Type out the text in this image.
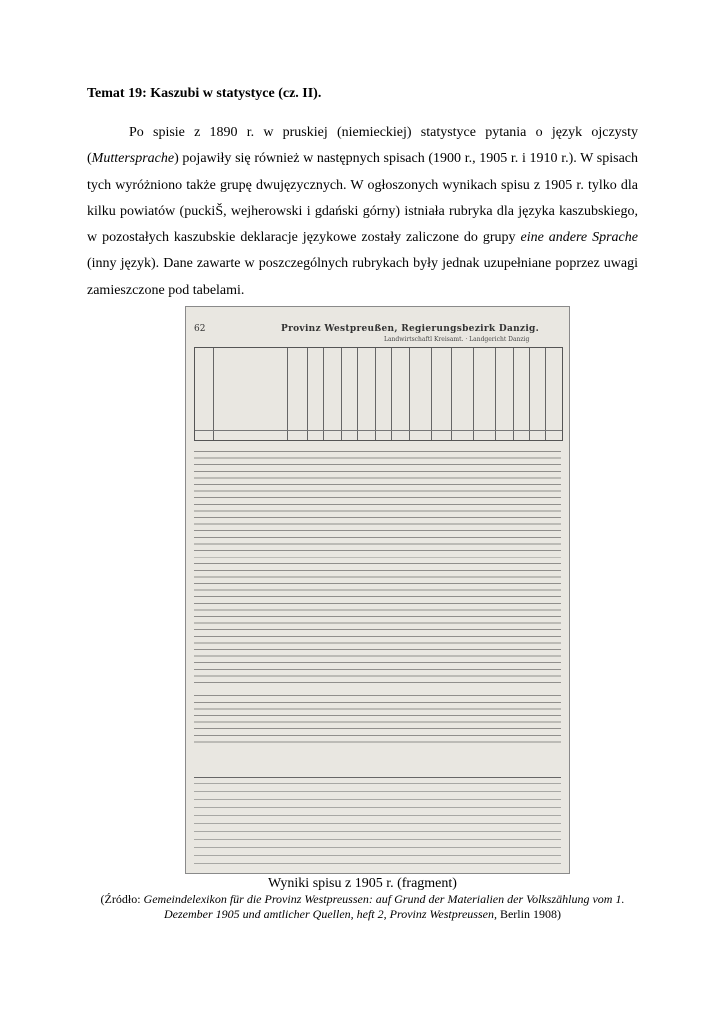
Temat 19: Kaszubi w statystyce (cz. II).
Po spisie z 1890 r. w pruskiej (niemieckiej) statystyce pytania o język ojczysty (Muttersprache) pojawiły się również w następnych spisach (1900 r., 1905 r. i 1910 r.). W spisach tych wyróżniono także grupę dwujęzycznych. W ogłoszonych wynikach spisu z 1905 r. tylko dla kilku powiatów (puckiŠ, wejherowski i gdański górny) istniała rubryka dla języka kaszubskiego, w pozostałych kaszubskie deklaracje językowe zostały zaliczone do grupy eine andere Sprache (inny język). Dane zawarte w poszczególnych rubrykach były jednak uzupełniane poprzez uwagi zamieszczone pod tabelami.
62	Provinz Westpreußen, Regierungsbezirk Danzig.
Landwirtschaftl Kreisamt. · Landgericht Danzig
Wyniki spisu z 1905 r. (fragment)
(Źródło: Gemeindelexikon für die Provinz Westpreussen: auf Grund der Materialien der Volkszählung vom 1. Dezember 1905 und amtlicher Quellen, heft 2, Provinz Westpreussen, Berlin 1908)
